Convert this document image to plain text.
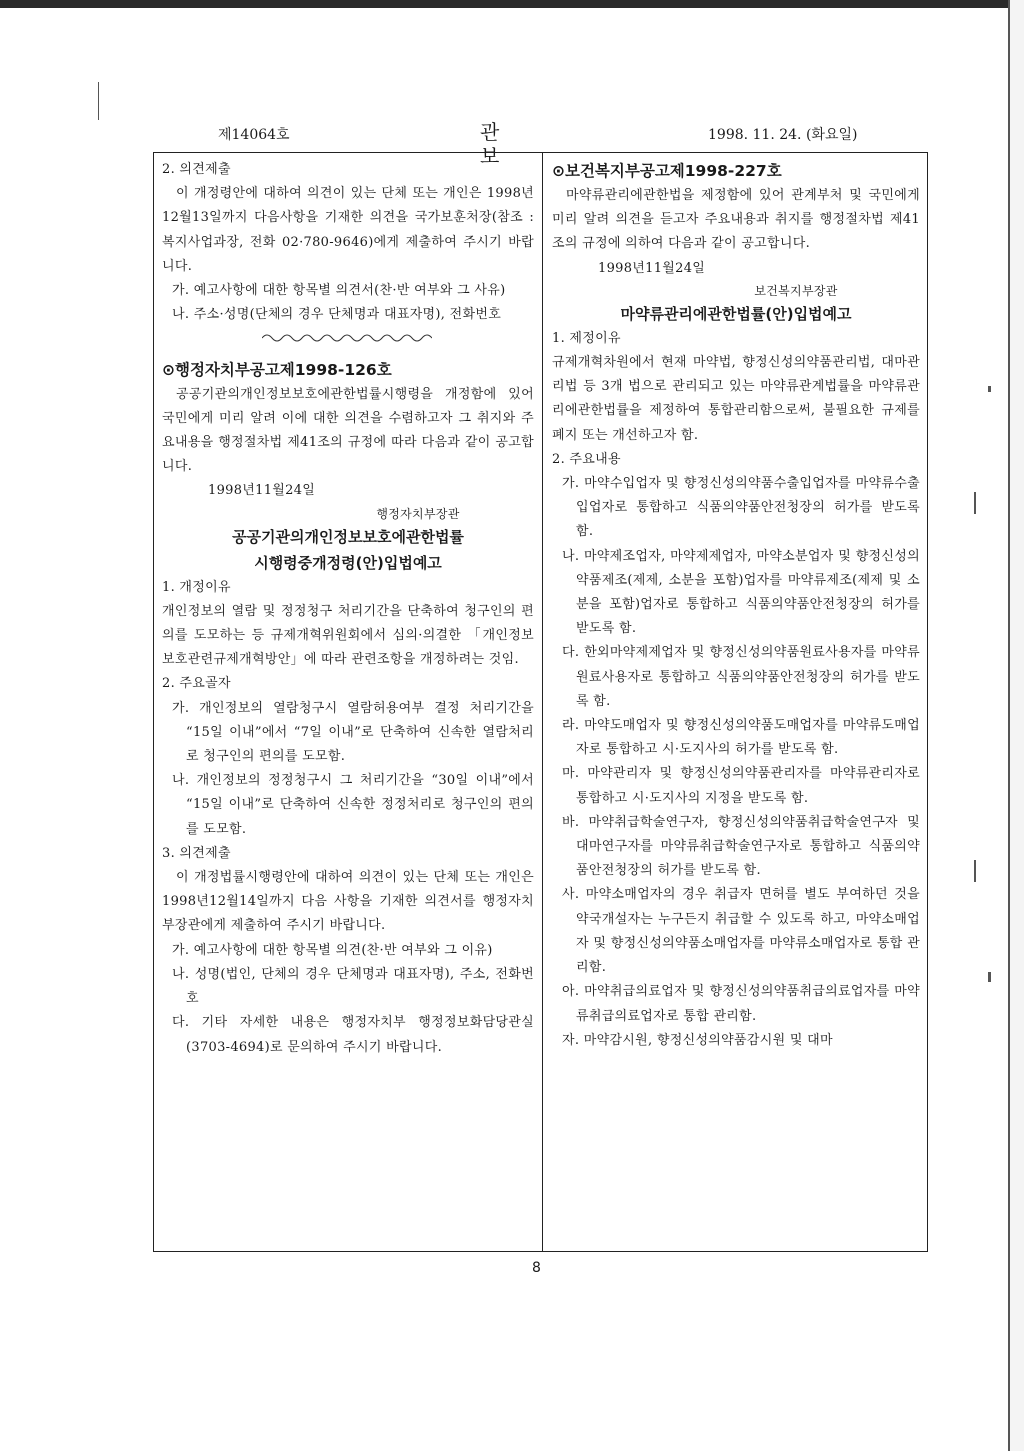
제14064호	관 보
1998. 11. 24. (화요일)

2. 의견제출

이 개정령안에 대하여 의견이 있는 단체 또는 개인은 1998년12월13일까지 다음사항을 기재한 의견을 국가보훈처장(참조 : 복지사업과장, 전화 02·780-9646)에게 제출하여 주시기 바랍니다.

가. 예고사항에 대한 항목별 의견서(찬·반 여부와 그 사유)

나. 주소·성명(단체의 경우 단체명과 대표자명), 전화번호

⊙행정자치부공고제1998-126호

공공기관의개인정보보호에관한법률시행령을 개정함에 있어 국민에게 미리 알려 이에 대한 의견을 수렴하고자 그 취지와 주요내용을 행정절차법 제41조의 규정에 따라 다음과 같이 공고합니다.

1998년11월24일

행정자치부장관

공공기관의개인정보보호에관한법률

시행령중개정령(안)입법예고

1. 개정이유

개인정보의 열람 및 정정청구 처리기간을 단축하여 청구인의 편의를 도모하는 등 규제개혁위원회에서 심의·의결한 「개인정보보호관련규제개혁방안」에 따라 관련조항을 개정하려는 것임.

2. 주요골자

가. 개인정보의 열람청구시 열람허용여부 결정 처리기간을 “15일 이내”에서 “7일 이내”로 단축하여 신속한 열람처리로 청구인의 편의를 도모함.

나. 개인정보의 정정청구시 그 처리기간을 “30일 이내”에서 “15일 이내”로 단축하여 신속한 정정처리로 청구인의 편의를 도모함.

3. 의견제출

이 개정법률시행령안에 대하여 의견이 있는 단체 또는 개인은 1998년12월14일까지 다음 사항을 기재한 의견서를 행정자치부장관에게 제출하여 주시기 바랍니다.

가. 예고사항에 대한 항목별 의견(찬·반 여부와 그 이유)

나. 성명(법인, 단체의 경우 단체명과 대표자명), 주소, 전화번호

다. 기타 자세한 내용은 행정자치부 행정정보화담당관실(3703-4694)로 문의하여 주시기 바랍니다.

⊙보건복지부공고제1998-227호

마약류관리에관한법을 제정함에 있어 관계부처 및 국민에게 미리 알려 의견을 듣고자 주요내용과 취지를 행정절차법 제41조의 규정에 의하여 다음과 같이 공고합니다.

1998년11월24일

보건복지부장관

마약류관리에관한법률(안)입법예고

1. 제정이유

규제개혁차원에서 현재 마약법, 향정신성의약품관리법, 대마관리법 등 3개 법으로 관리되고 있는 마약류관계법률을 마약류관리에관한법률을 제정하여 통합관리함으로써, 불필요한 규제를 폐지 또는 개선하고자 함.

2. 주요내용

가. 마약수입업자 및 향정신성의약품수출입업자를 마약류수출입업자로 통합하고 식품의약품안전청장의 허가를 받도록 함.

나. 마약제조업자, 마약제제업자, 마약소분업자 및 향정신성의약품제조(제제, 소분을 포함)업자를 마약류제조(제제 및 소분을 포함)업자로 통합하고 식품의약품안전청장의 허가를 받도록 함.

다. 한외마약제제업자 및 향정신성의약품원료사용자를 마약류원료사용자로 통합하고 식품의약품안전청장의 허가를 받도록 함.

라. 마약도매업자 및 향정신성의약품도매업자를 마약류도매업자로 통합하고 시·도지사의 허가를 받도록 함.

마. 마약관리자 및 향정신성의약품관리자를 마약류관리자로 통합하고 시·도지사의 지정을 받도록 함.

바. 마약취급학술연구자, 향정신성의약품취급학술연구자 및 대마연구자를 마약류취급학술연구자로 통합하고 식품의약품안전청장의 허가를 받도록 함.

사. 마약소매업자의 경우 취급자 면허를 별도 부여하던 것을 약국개설자는 누구든지 취급할 수 있도록 하고, 마약소매업자 및 향정신성의약품소매업자를 마약류소매업자로 통합 관리함.

아. 마약취급의료업자 및 향정신성의약품취급의료업자를 마약류취급의료업자로 통합 관리함.

자. 마약감시원, 향정신성의약품감시원 및 대마

8
